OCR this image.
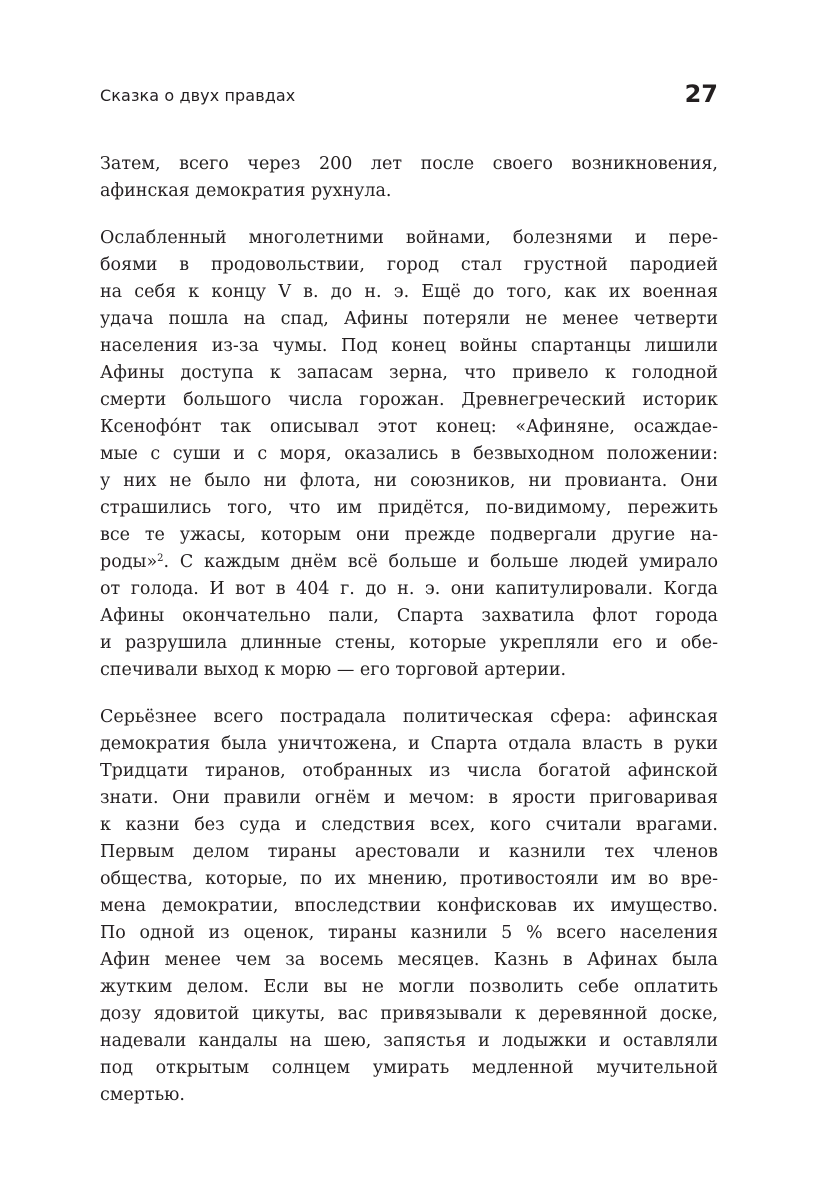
Сказка о двух правдах	27
Затем, всего через 200 лет после своего возникновения,
афинская демократия рухнула.
Ослабленный многолетними войнами, болезнями и пере-
боями в продовольствии, город стал грустной пародией
на себя к концу V в. до н. э. Ещё до того, как их военная
удача пошла на спад, Афины потеряли не менее четверти
населения из-за чумы. Под конец войны спартанцы лишили
Афины доступа к запасам зерна, что привело к голодной
смерти большого числа горожан. Древнегреческий историк
Ксенофóнт так описывал этот конец: «Афиняне, осаждае-
мые с суши и с моря, оказались в безвыходном положении:
у них не было ни флота, ни союзников, ни провианта. Они
страшились того, что им придётся, по-видимому, пережить
все те ужасы, которым они прежде подвергали другие на-
роды»$^2$. С каждым днём всё больше и больше людей умирало
от голода. И вот в 404 г. до н. э. они капитулировали. Когда
Афины окончательно пали, Спарта захватила флот города
и разрушила длинные стены, которые укрепляли его и обе-
спечивали выход к морю — его торговой артерии.
Серьёзнее всего пострадала политическая сфера: афинская
демократия была уничтожена, и Спарта отдала власть в руки
Тридцати тиранов, отобранных из числа богатой афинской
знати. Они правили огнём и мечом: в ярости приговаривая
к казни без суда и следствия всех, кого считали врагами.
Первым делом тираны арестовали и казнили тех членов
общества, которые, по их мнению, противостояли им во вре-
мена демократии, впоследствии конфисковав их имущество.
По одной из оценок, тираны казнили 5 % всего населения
Афин менее чем за восемь месяцев. Казнь в Афинах была
жутким делом. Если вы не могли позволить себе оплатить
дозу ядовитой цикуты, вас привязывали к деревянной доске,
надевали кандалы на шею, запястья и лодыжки и оставляли
под открытым солнцем умирать медленной мучительной
смертью.
